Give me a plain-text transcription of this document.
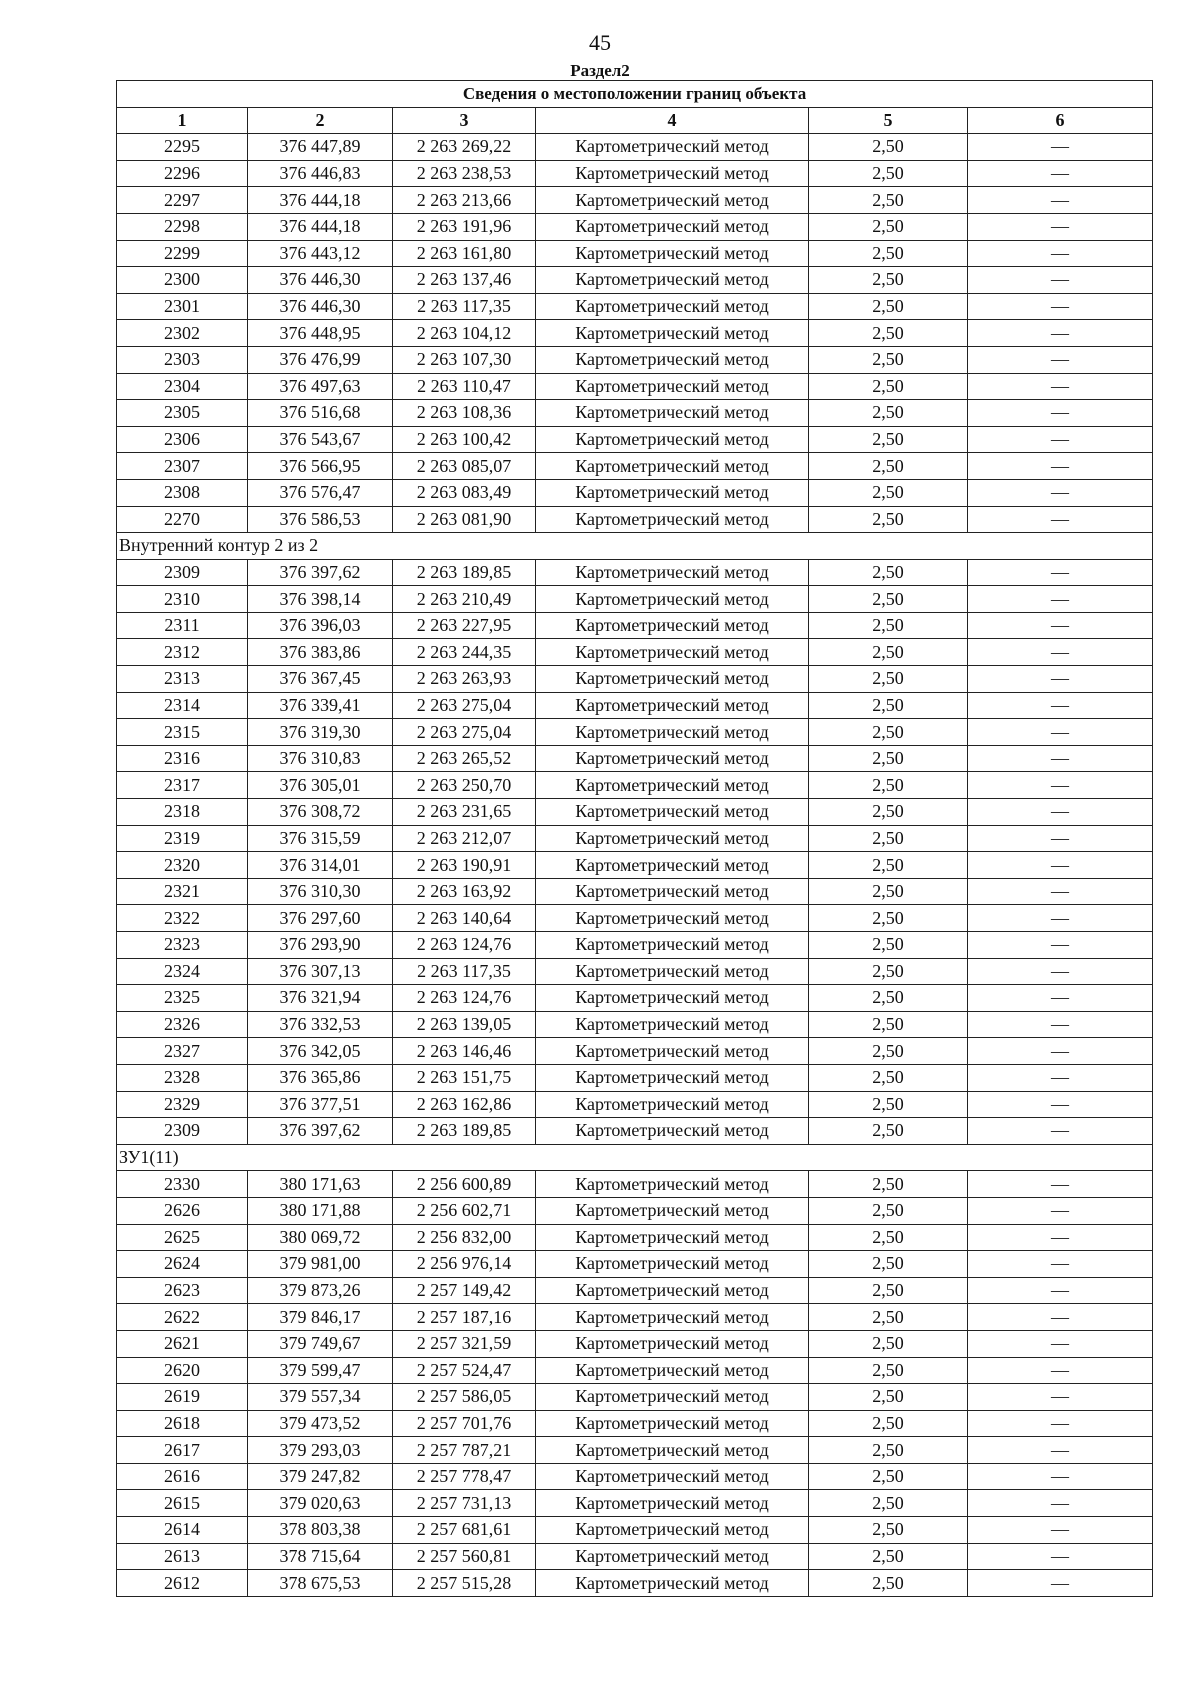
45
Раздел2
Сведения о местоположении границ объекта					
1	2	3	4	5	6
2295	376 447,89	2 263 269,22	Картометрический метод	2,50	—
2296	376 446,83	2 263 238,53	Картометрический метод	2,50	—
2297	376 444,18	2 263 213,66	Картометрический метод	2,50	—
2298	376 444,18	2 263 191,96	Картометрический метод	2,50	—
2299	376 443,12	2 263 161,80	Картометрический метод	2,50	—
2300	376 446,30	2 263 137,46	Картометрический метод	2,50	—
2301	376 446,30	2 263 117,35	Картометрический метод	2,50	—
2302	376 448,95	2 263 104,12	Картометрический метод	2,50	—
2303	376 476,99	2 263 107,30	Картометрический метод	2,50	—
2304	376 497,63	2 263 110,47	Картометрический метод	2,50	—
2305	376 516,68	2 263 108,36	Картометрический метод	2,50	—
2306	376 543,67	2 263 100,42	Картометрический метод	2,50	—
2307	376 566,95	2 263 085,07	Картометрический метод	2,50	—
2308	376 576,47	2 263 083,49	Картометрический метод	2,50	—
2270	376 586,53	2 263 081,90	Картометрический метод	2,50	—
Внутренний контур 2 из 2					
2309	376 397,62	2 263 189,85	Картометрический метод	2,50	—
2310	376 398,14	2 263 210,49	Картометрический метод	2,50	—
2311	376 396,03	2 263 227,95	Картометрический метод	2,50	—
2312	376 383,86	2 263 244,35	Картометрический метод	2,50	—
2313	376 367,45	2 263 263,93	Картометрический метод	2,50	—
2314	376 339,41	2 263 275,04	Картометрический метод	2,50	—
2315	376 319,30	2 263 275,04	Картометрический метод	2,50	—
2316	376 310,83	2 263 265,52	Картометрический метод	2,50	—
2317	376 305,01	2 263 250,70	Картометрический метод	2,50	—
2318	376 308,72	2 263 231,65	Картометрический метод	2,50	—
2319	376 315,59	2 263 212,07	Картометрический метод	2,50	—
2320	376 314,01	2 263 190,91	Картометрический метод	2,50	—
2321	376 310,30	2 263 163,92	Картометрический метод	2,50	—
2322	376 297,60	2 263 140,64	Картометрический метод	2,50	—
2323	376 293,90	2 263 124,76	Картометрический метод	2,50	—
2324	376 307,13	2 263 117,35	Картометрический метод	2,50	—
2325	376 321,94	2 263 124,76	Картометрический метод	2,50	—
2326	376 332,53	2 263 139,05	Картометрический метод	2,50	—
2327	376 342,05	2 263 146,46	Картометрический метод	2,50	—
2328	376 365,86	2 263 151,75	Картометрический метод	2,50	—
2329	376 377,51	2 263 162,86	Картометрический метод	2,50	—
2309	376 397,62	2 263 189,85	Картометрический метод	2,50	—
ЗУ1(11)					
2330	380 171,63	2 256 600,89	Картометрический метод	2,50	—
2626	380 171,88	2 256 602,71	Картометрический метод	2,50	—
2625	380 069,72	2 256 832,00	Картометрический метод	2,50	—
2624	379 981,00	2 256 976,14	Картометрический метод	2,50	—
2623	379 873,26	2 257 149,42	Картометрический метод	2,50	—
2622	379 846,17	2 257 187,16	Картометрический метод	2,50	—
2621	379 749,67	2 257 321,59	Картометрический метод	2,50	—
2620	379 599,47	2 257 524,47	Картометрический метод	2,50	—
2619	379 557,34	2 257 586,05	Картометрический метод	2,50	—
2618	379 473,52	2 257 701,76	Картометрический метод	2,50	—
2617	379 293,03	2 257 787,21	Картометрический метод	2,50	—
2616	379 247,82	2 257 778,47	Картометрический метод	2,50	—
2615	379 020,63	2 257 731,13	Картометрический метод	2,50	—
2614	378 803,38	2 257 681,61	Картометрический метод	2,50	—
2613	378 715,64	2 257 560,81	Картометрический метод	2,50	—
2612	378 675,53	2 257 515,28	Картометрический метод	2,50	—
